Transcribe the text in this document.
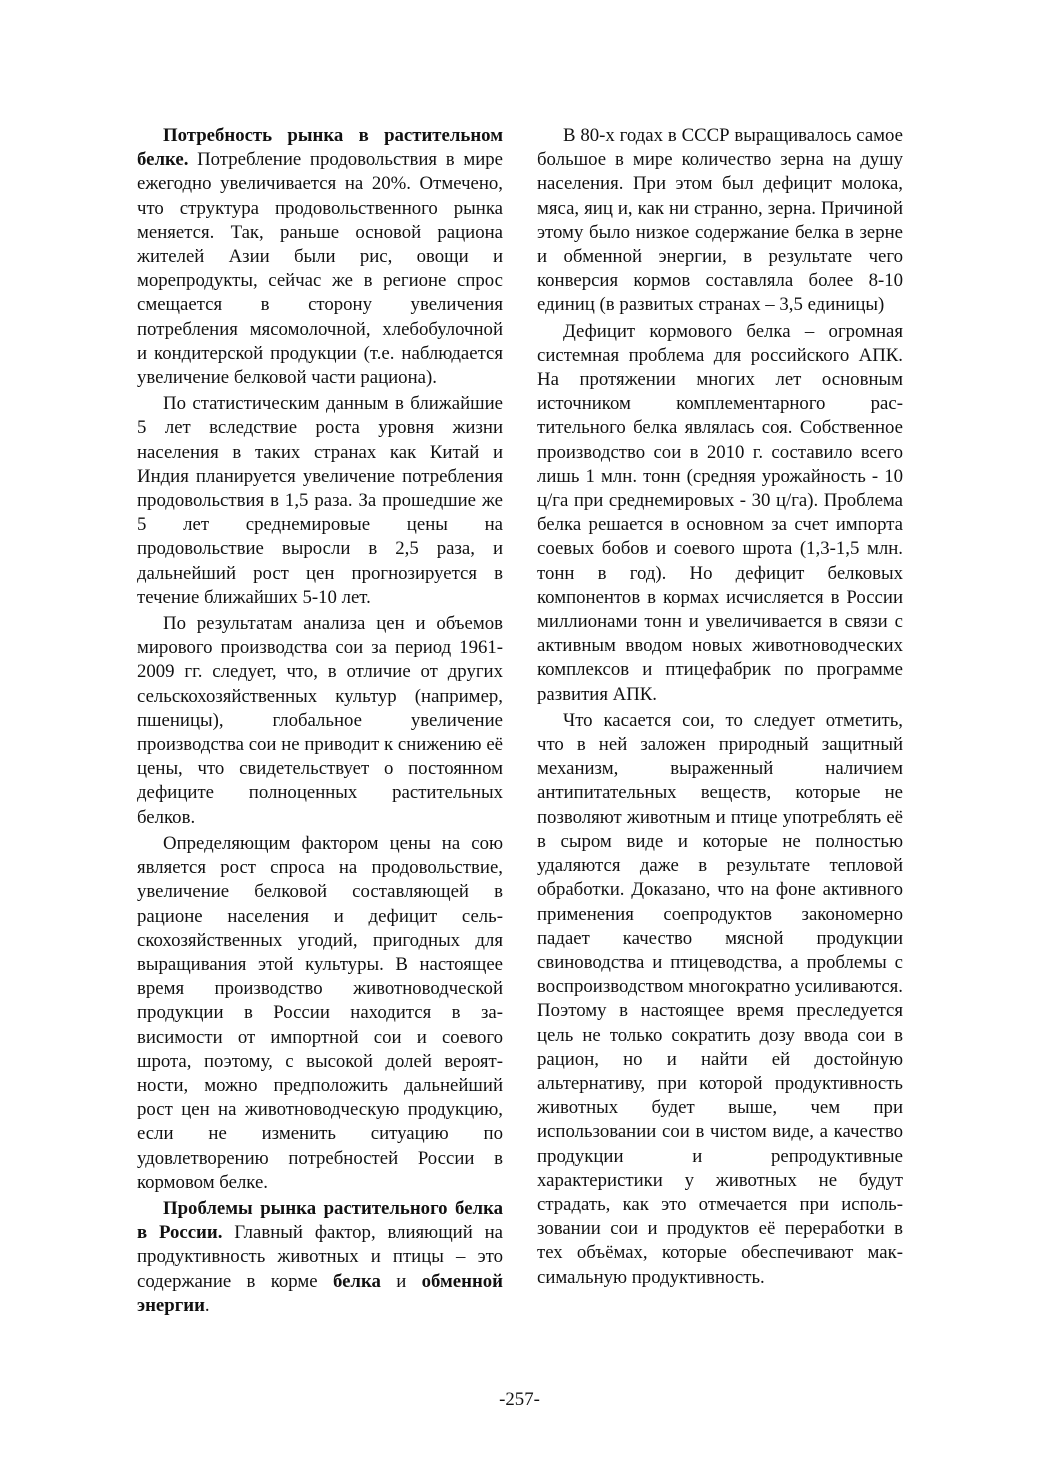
Потребность рынка в растительном белке. Потребление продовольствия в мире ежегодно увеличивается на 20%. Отмечено, что структура продовольственного рынка меняется. Так, раньше основой рациона жителей Азии были рис, овощи и морепродукты, сейчас же в регионе спрос смещается в сторону увеличения потребления мясомолочной, хлебобулочной и кондитерской продукции (т.е. наблюдается увеличение белковой части рациона).

По статистическим данным в ближайшие 5 лет вследствие роста уровня жизни населения в таких странах как Китай и Индия планируется увеличение потребления продовольствия в 1,5 раза. За прошедшие же 5 лет среднемировые цены на продовольствие выросли в 2,5 раза, и дальнейший рост цен прогнозируется в течение ближайших 5-10 лет.

По результатам анализа цен и объемов мирового производства сои за период 1961-2009 гг. следует, что, в отличие от других сельскохозяйственных культур (например, пшеницы), глобальное увеличение производства сои не приводит к снижению её цены, что свидетельствует о постоянном дефиците полноценных растительных белков.

Определяющим фактором цены на сою является рост спроса на продовольствие, увеличение белковой составляющей в рационе населения и дефицит сельскохозяйственных угодий, пригодных для выращивания этой культуры. В настоящее время производство животноводческой продукции в России находится в зависимости от импортной сои и соевого шрота, поэтому, с высокой долей вероятности, можно предположить дальнейший рост цен на животноводческую продукцию, если не изменить ситуацию по удовлетворению потребностей России в кормовом белке.

Проблемы рынка растительного белка в России. Главный фактор, влияющий на продуктивность животных и птицы – это содержание в корме белка и обменной энергии.

В 80-х годах в СССР выращивалось самое большое в мире количество зерна на душу населения. При этом был дефицит молока, мяса, яиц и, как ни странно, зерна. Причиной этому было низкое содержание белка в зерне и обменной энергии, в результате чего конверсия кормов составляла более 8-10 единиц (в развитых странах – 3,5 единицы)

Дефицит кормового белка – огромная системная проблема для российского АПК. На протяжении многих лет основным источником комплементарного растительного белка являлась соя. Собственное производство сои в 2010 г. составило всего лишь 1 млн. тонн (средняя урожайность - 10 ц/га при среднемировых - 30 ц/га). Проблема белка решается в основном за счет импорта соевых бобов и соевого шрота (1,3-1,5 млн. тонн в год). Но дефицит белковых компонентов в кормах исчисляется в России миллионами тонн и увеличивается в связи с активным вводом новых животноводческих комплексов и птицефабрик по программе развития АПК.

Что касается сои, то следует отметить, что в ней заложен природный защитный механизм, выраженный наличием антипитательных веществ, которые не позволяют животным и птице употреблять её в сыром виде и которые не полностью удаляются даже в результате тепловой обработки. Доказано, что на фоне активного применения соепродуктов закономерно падает качество мясной продукции свиноводства и птицеводства, а проблемы с воспроизводством многократно усиливаются. Поэтому в настоящее время преследуется цель не только сократить дозу ввода сои в рацион, но и найти ей достойную альтернативу, при которой продуктивность животных будет выше, чем при использовании сои в чистом виде, а качество продукции и репродуктивные характеристики у животных не будут страдать, как это отмечается при использовании сои и продуктов её переработки в тех объёмах, которые обеспечивают максимальную продуктивность.

-257-
